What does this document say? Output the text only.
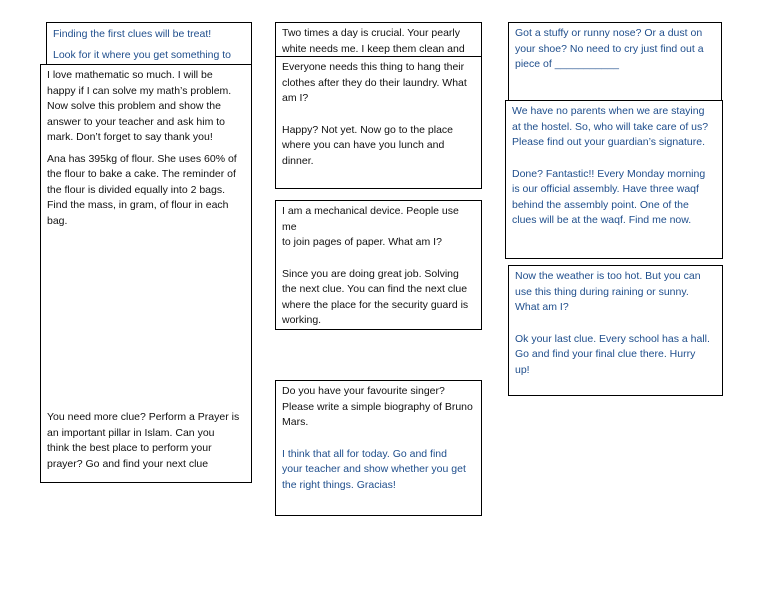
Finding the first clues will be treat!

Look for it where you get something to

I love mathematic so much. I will be
happy if I can solve my math’s problem.
Now solve this problem and show the
answer to your teacher and ask him to
mark. Don’t forget to say thank you!

Ana has 395kg of flour. She uses 60% of
the flour to bake a cake. The reminder of
the flour is divided equally into 2 bags.
Find the mass, in gram, of flour in each
bag.

You need more clue? Perform a Prayer is
an important pillar in Islam. Can you
think the best place to perform your
prayer? Go and find your next clue

Two times a day is crucial. Your pearly
white needs me. I keep them clean and

Everyone needs this thing to hang their
clothes after they do their laundry. What
am I?

Happy? Not yet. Now go to the place
where you can have you lunch and
dinner.

I am a mechanical device. People use me
to join pages of paper. What am I?

Since you are doing great job. Solving
the next clue. You can find the next clue
where the place for the security guard is
working.

Do you have your favourite singer?
Please write a simple biography of Bruno
Mars.

I think that all for today. Go and find
your teacher and show whether you get
the right things. Gracias!

Got a stuffy or runny nose? Or a dust on
your shoe? No need to cry just find out a
piece of ___________

We have no parents when we are staying
at the hostel. So, who will take care of us?
Please find out your guardian’s signature.

Done? Fantastic!! Every Monday morning
is our official assembly. Have three waqf
behind the assembly point. One of the
clues will be at the waqf. Find me now.

Now the weather is too hot. But you can
use this thing during raining or sunny.
What am I?

Ok your last clue. Every school has a hall.
Go and find your final clue there. Hurry
up!
